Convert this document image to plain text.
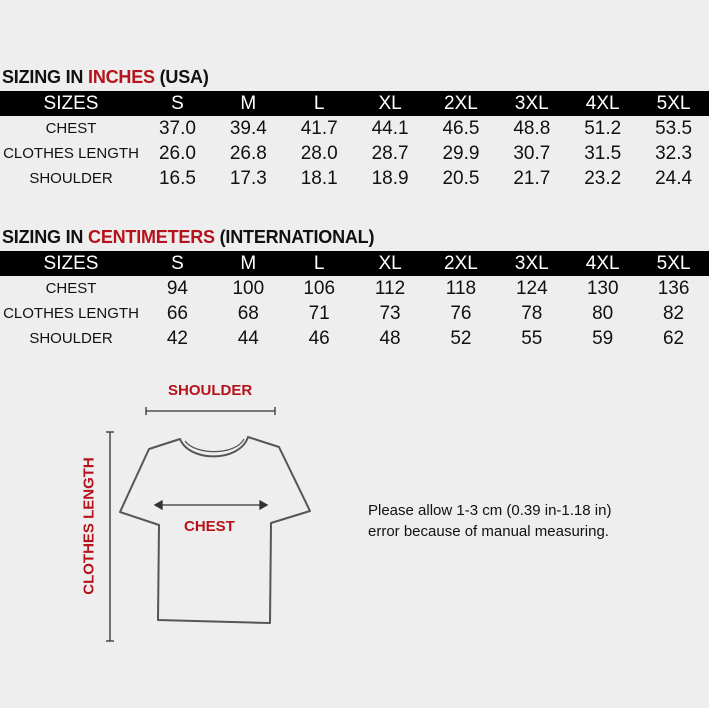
SIZING IN INCHES (USA)
SIZES	S	M	L	XL	2XL	3XL	4XL	5XL
CHEST	37.0	39.4	41.7	44.1	46.5	48.8	51.2	53.5
CLOTHES LENGTH	26.0	26.8	28.0	28.7	29.9	30.7	31.5	32.3
SHOULDER	16.5	17.3	18.1	18.9	20.5	21.7	23.2	24.4
SIZING IN CENTIMETERS (INTERNATIONAL)
SIZES	S	M	L	XL	2XL	3XL	4XL	5XL
CHEST	94	100	106	112	118	124	130	136
CLOTHES LENGTH	66	68	71	73	76	78	80	82
SHOULDER	42	44	46	48	52	55	59	62
SHOULDER
CHEST
CLOTHES LENGTH	Please allow 1-3 cm (0.39 in-1.18 in)
error because of manual measuring.
